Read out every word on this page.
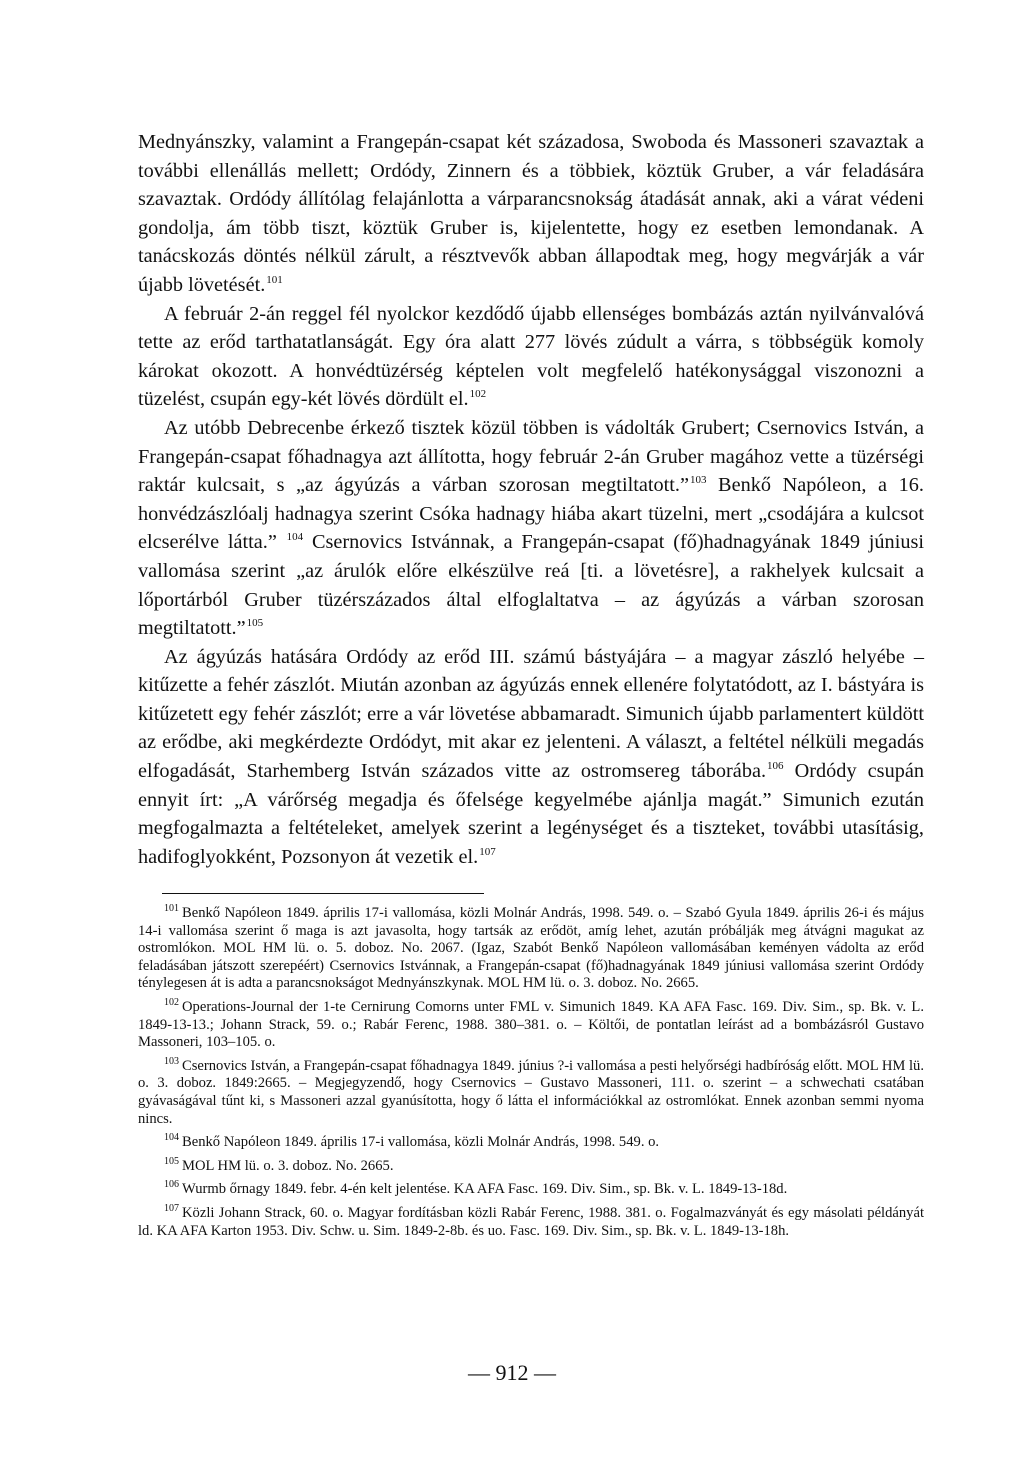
Mednyánszky, valamint a Frangepán-csapat két századosa, Swoboda és Massoneri szavaztak a további ellenállás mellett; Ordódy, Zinnern és a többiek, köztük Gruber, a vár feladására szavaztak. Ordódy állítólag felajánlotta a várparancsnokság átadását annak, aki a várat védeni gondolja, ám több tiszt, köztük Gruber is, kijelentette, hogy ez esetben lemondanak. A tanácskozás döntés nélkül zárult, a résztvevők abban állapodtak meg, hogy megvárják a vár újabb lövetését.$^{101}$

A február 2-án reggel fél nyolckor kezdődő újabb ellenséges bombázás aztán nyilvánvalóvá tette az erőd tarthatatlanságát. Egy óra alatt 277 lövés zúdult a várra, s többségük komoly károkat okozott. A honvédtüzérség képtelen volt megfelelő hatékonysággal viszonozni a tüzelést, csupán egy-két lövés dördült el.$^{102}$

Az utóbb Debrecenbe érkező tisztek közül többen is vádolták Grubert; Csernovics István, a Frangepán-csapat főhadnagya azt állította, hogy február 2-án Gruber magához vette a tüzérségi raktár kulcsait, s „az ágyúzás a várban szorosan megtiltatott.”$^{103}$ Benkő Napóleon, a 16. honvédzászlóalj hadnagya szerint Csóka hadnagy hiába akart tüzelni, mert „csodájára a kulcsot elcserélve látta.” $^{104}$ Csernovics Istvánnak, a Frangepán-csapat (fő)hadnagyának 1849 júniusi vallomása szerint „az árulók előre elkészülve reá [ti. a lövetésre], a rakhelyek kulcsait a lőportárból Gruber tüzérszázados által elfoglaltatva – az ágyúzás a várban szorosan megtiltatott.”$^{105}$

Az ágyúzás hatására Ordódy az erőd III. számú bástyájára – a magyar zászló helyébe – kitűzette a fehér zászlót. Miután azonban az ágyúzás ennek ellenére folytatódott, az I. bástyára is kitűzetett egy fehér zászlót; erre a vár lövetése abbamaradt. Simunich újabb parlamentert küldött az erődbe, aki megkérdezte Ordódyt, mit akar ez jelenteni. A választ, a feltétel nélküli megadás elfogadását, Starhemberg István százados vitte az ostromsereg táborába.$^{106}$ Ordódy csupán ennyit írt: „A várőrség megadja és őfelsége kegyelmébe ajánlja magát.” Simunich ezután megfogalmazta a feltételeket, amelyek szerint a legénységet és a tiszteket, további utasításig, hadifoglyokként, Pozsonyon át vezetik el.$^{107}$

$^{101}$ Benkő Napóleon 1849. április 17-i vallomása, közli Molnár András, 1998. 549. o. – Szabó Gyula 1849. április 26-i és május 14-i vallomása szerint ő maga is azt javasolta, hogy tartsák az erődöt, amíg lehet, azután próbálják meg átvágni magukat az ostromlókon. MOL HM lü. o. 5. doboz. No. 2067. (Igaz, Szabót Benkő Napóleon vallomásában keményen vádolta az erőd feladásában játszott szerepéért) Csernovics Istvánnak, a Frangepán-csapat (fő)hadnagyának 1849 júniusi vallomása szerint Ordódy ténylegesen át is adta a parancsnokságot Mednyánszkynak. MOL HM lü. o. 3. doboz. No. 2665.

$^{102}$ Operations-Journal der 1-te Cernirung Comorns unter FML v. Simunich 1849. KA AFA Fasc. 169. Div. Sim., sp. Bk. v. L. 1849-13-13.; Johann Strack, 59. o.; Rabár Ferenc, 1988. 380–381. o. – Költői, de pontatlan leírást ad a bombázásról Gustavo Massoneri, 103–105. o.

$^{103}$ Csernovics István, a Frangepán-csapat főhadnagya 1849. június ?-i vallomása a pesti helyőrségi hadbíróság előtt. MOL HM lü. o. 3. doboz. 1849:2665. – Megjegyzendő, hogy Csernovics – Gustavo Massoneri, 111. o. szerint – a schwechati csatában gyávaságával tűnt ki, s Massoneri azzal gyanúsította, hogy ő látta el információkkal az ostromlókat. Ennek azonban semmi nyoma nincs.

$^{104}$ Benkő Napóleon 1849. április 17-i vallomása, közli Molnár András, 1998. 549. o.

$^{105}$ MOL HM lü. o. 3. doboz. No. 2665.

$^{106}$ Wurmb őrnagy 1849. febr. 4-én kelt jelentése. KA AFA Fasc. 169. Div. Sim., sp. Bk. v. L. 1849-13-18d.

$^{107}$ Közli Johann Strack, 60. o. Magyar fordításban közli Rabár Ferenc, 1988. 381. o. Fogalmazványát és egy másolati példányát ld. KA AFA Karton 1953. Div. Schw. u. Sim. 1849-2-8b. és uo. Fasc. 169. Div. Sim., sp. Bk. v. L. 1849-13-18h.

— 912 —
